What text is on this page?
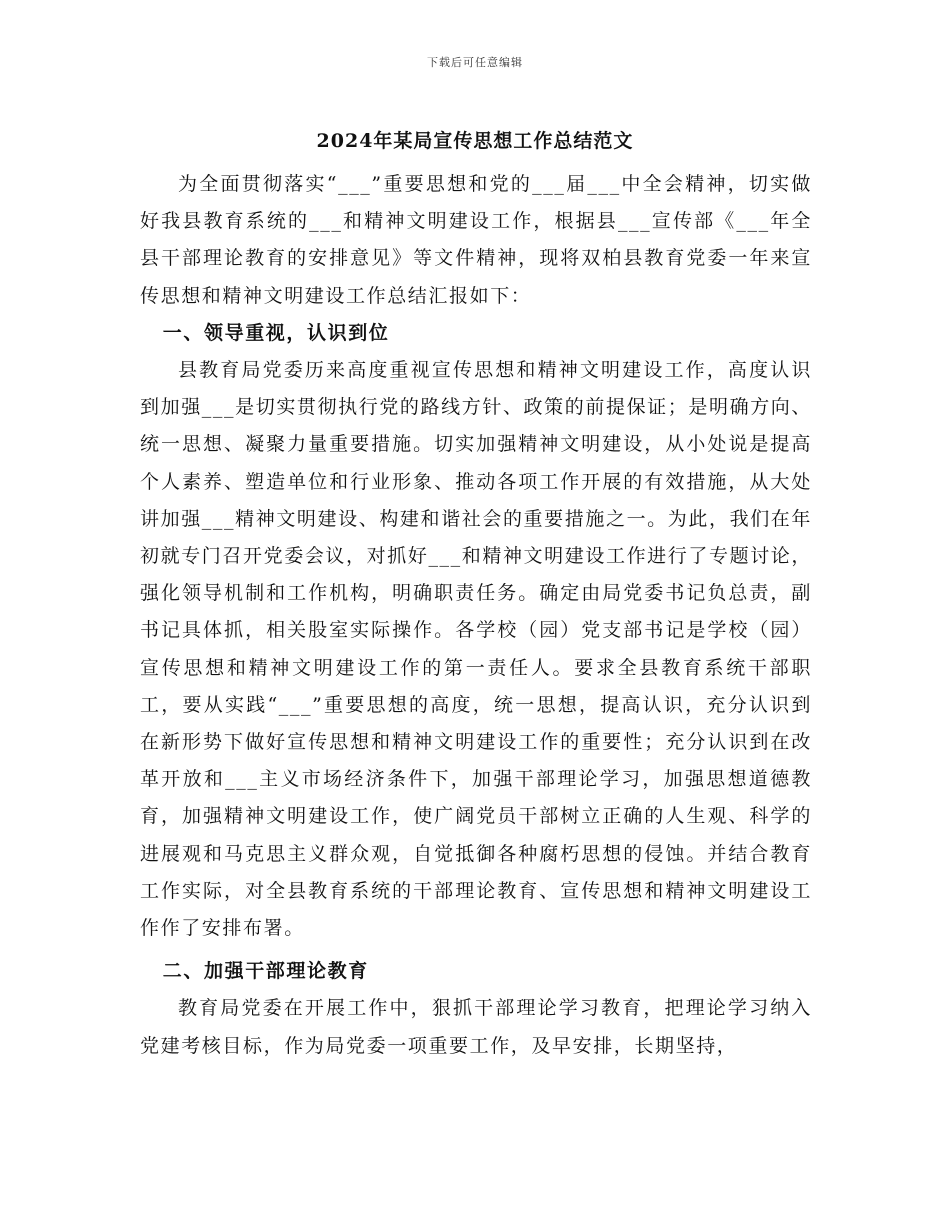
下载后可任意编辑
2024年某局宣传思想工作总结范文

为全面贯彻落实“___”重要思想和党的___届___中全会精神，切实做好我县教育系统的___和精神文明建设工作，根据县___宣传部《___年全县干部理论教育的安排意见》等文件精神，现将双柏县教育党委一年来宣传思想和精神文明建设工作总结汇报如下：

一、领导重视，认识到位

县教育局党委历来高度重视宣传思想和精神文明建设工作，高度认识到加强___是切实贯彻执行党的路线方针、政策的前提保证；是明确方向、统一思想、凝聚力量重要措施。切实加强精神文明建设，从小处说是提高个人素养、塑造单位和行业形象、推动各项工作开展的有效措施，从大处讲加强___精神文明建设、构建和谐社会的重要措施之一。为此，我们在年初就专门召开党委会议，对抓好___和精神文明建设工作进行了专题讨论，强化领导机制和工作机构，明确职责任务。确定由局党委书记负总责，副书记具体抓，相关股室实际操作。各学校（园）党支部书记是学校（园）宣传思想和精神文明建设工作的第一责任人。要求全县教育系统干部职工，要从实践“___”重要思想的高度，统一思想，提高认识，充分认识到在新形势下做好宣传思想和精神文明建设工作的重要性；充分认识到在改革开放和___主义市场经济条件下，加强干部理论学习，加强思想道德教育，加强精神文明建设工作，使广阔党员干部树立正确的人生观、科学的进展观和马克思主义群众观，自觉抵御各种腐朽思想的侵蚀。并结合教育工作实际，对全县教育系统的干部理论教育、宣传思想和精神文明建设工作作了安排布署。

二、加强干部理论教育

教育局党委在开展工作中，狠抓干部理论学习教育，把理论学习纳入党建考核目标，作为局党委一项重要工作，及早安排，长期坚持，
